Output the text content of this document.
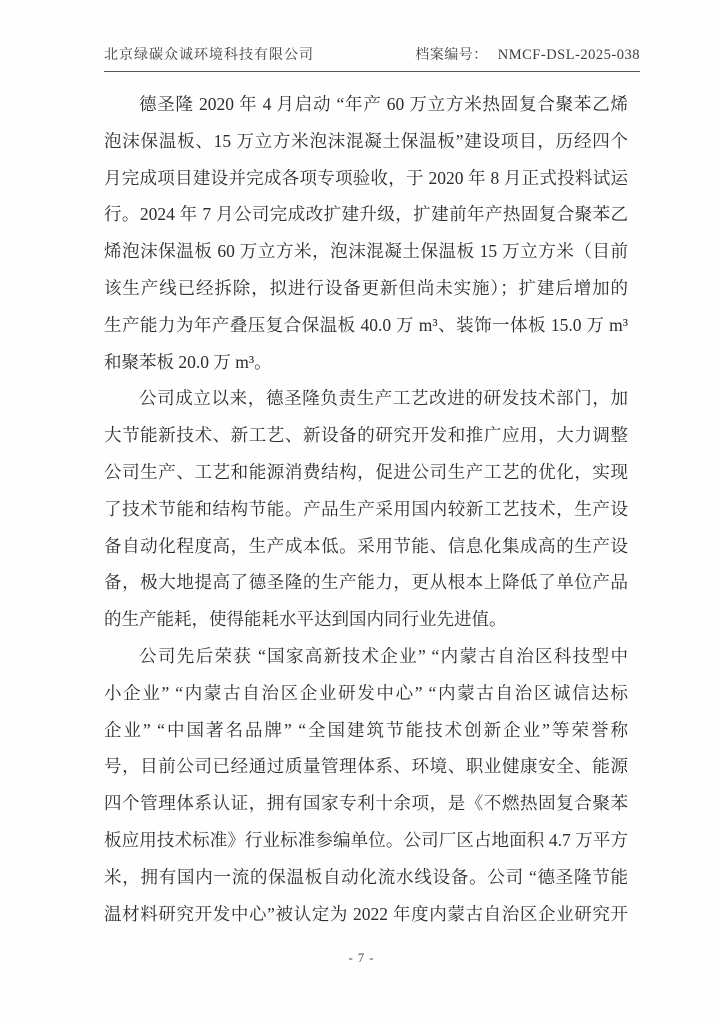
北京绿碳众诚环境科技有限公司	档案编号： NMCF-DSL-2025-038
德圣隆 2020 年 4 月启动 “年产 60 万立方米热固复合聚苯乙烯
泡沫保温板、15 万立方米泡沫混凝土保温板”建设项目，历经四个
月完成项目建设并完成各项专项验收，于 2020 年 8 月正式投料试运
行。2024 年 7 月公司完成改扩建升级，扩建前年产热固复合聚苯乙
烯泡沫保温板 60 万立方米，泡沫混凝土保温板 15 万立方米（目前
该生产线已经拆除，拟进行设备更新但尚未实施）；扩建后增加的
生产能力为年产叠压复合保温板 40.0 万 m³、装饰一体板 15.0 万 m³
和聚苯板 20.0 万 m³。
公司成立以来，德圣隆负责生产工艺改进的研发技术部门，加
大节能新技术、新工艺、新设备的研究开发和推广应用，大力调整
公司生产、工艺和能源消费结构，促进公司生产工艺的优化，实现
了技术节能和结构节能。产品生产采用国内较新工艺技术，生产设
备自动化程度高，生产成本低。采用节能、信息化集成高的生产设
备，极大地提高了德圣隆的生产能力，更从根本上降低了单位产品
的生产能耗，使得能耗水平达到国内同行业先进值。
公司先后荣获 “国家高新技术企业” “内蒙古自治区科技型中
小企业” “内蒙古自治区企业研发中心” “内蒙古自治区诚信达标
企业” “中国著名品牌” “全国建筑节能技术创新企业”等荣誉称
号，目前公司已经通过质量管理体系、环境、职业健康安全、能源
四个管理体系认证，拥有国家专利十余项，是《不燃热固复合聚苯
板应用技术标准》行业标准参编单位。公司厂区占地面积 4.7 万平方
米，拥有国内一流的保温板自动化流水线设备。公司 “德圣隆节能
温材料研究开发中心”被认定为 2022 年度内蒙古自治区企业研究开
- 7 -
